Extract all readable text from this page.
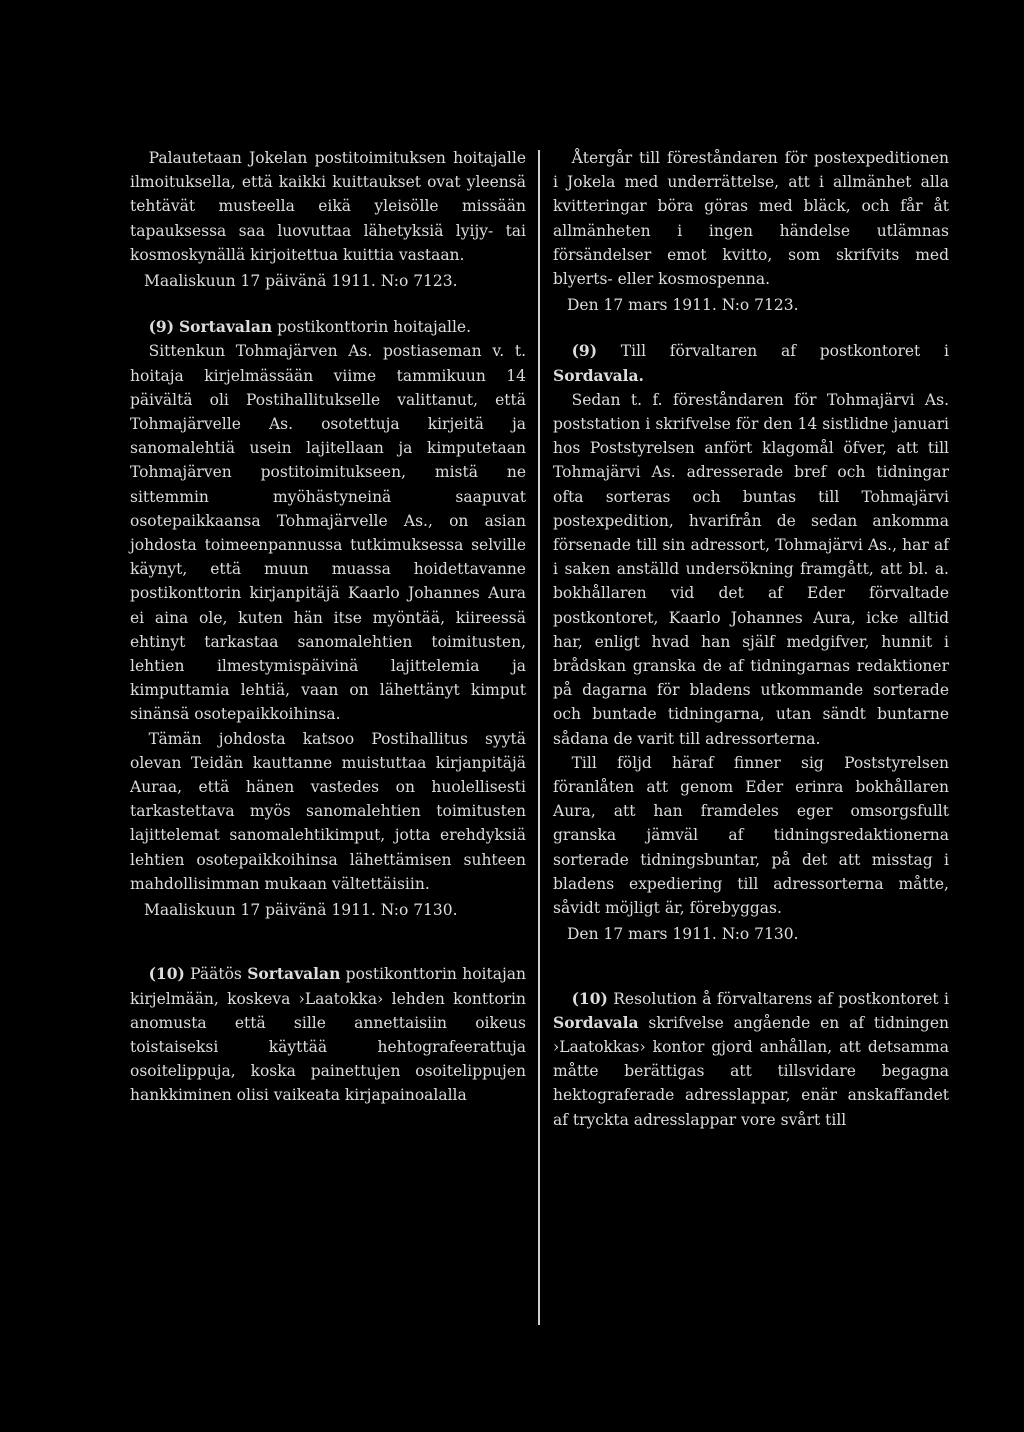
Palautetaan Jokelan postitoimituksen hoitajalle ilmoituksella, että kaikki kuittaukset ovat yleensä tehtävät musteella eikä yleisölle missään tapauksessa saa luovuttaa lähetyksiä lyijy- tai kosmoskynällä kirjoitettua kuittia vastaan.

Maaliskuun 17 päivänä 1911. N:o 7123.

(9) Sortavalan postikonttorin hoitajalle.

Sittenkun Tohmajärven As. postiaseman v. t. hoitaja kirjelmässään viime tammikuun 14 päivältä oli Postihallitukselle valittanut, että Tohmajärvelle As. osotettuja kirjeitä ja sanomalehtiä usein lajitellaan ja kimputetaan Tohmajärven postitoimitukseen, mistä ne sittemmin myöhästyneinä saapuvat osotepaikkaansa Tohmajärvelle As., on asian johdosta toimeenpannussa tutkimuksessa selville käynyt, että muun muassa hoidettavanne postikonttorin kirjanpitäjä Kaarlo Johannes Aura ei aina ole, kuten hän itse myöntää, kiireessä ehtinyt tarkastaa sanomalehtien toimitusten, lehtien ilmestymispäivinä lajittelemia ja kimputtamia lehtiä, vaan on lähettänyt kimput sinänsä osotepaikkoihinsa.

Tämän johdosta katsoo Postihallitus syytä olevan Teidän kauttanne muistuttaa kirjanpitäjä Auraa, että hänen vastedes on huolellisesti tarkastettava myös sanomalehtien toimitusten lajittelemat sanomalehtikimput, jotta erehdyksiä lehtien osotepaikkoihinsa lähettämisen suhteen mahdollisimman mukaan vältettäisiin.

Maaliskuun 17 päivänä 1911. N:o 7130.

(10) Päätös Sortavalan postikonttorin hoitajan kirjelmään, koskeva ›Laatokka› lehden konttorin anomusta että sille annettaisiin oikeus toistaiseksi käyttää hehtografeerattuja osoitelippuja, koska painettujen osoitelippujen hankkiminen olisi vaikeata kirjapainoalalla

Återgår till föreståndaren för postexpeditionen i Jokela med underrättelse, att i allmänhet alla kvitteringar böra göras med bläck, och får åt allmänheten i ingen händelse utlämnas försändelser emot kvitto, som skrifvits med blyerts- eller kosmospenna.

Den 17 mars 1911. N:o 7123.

(9) Till förvaltaren af postkontoret i Sordavala.

Sedan t. f. föreståndaren för Tohmajärvi As. poststation i skrifvelse för den 14 sistlidne januari hos Poststyrelsen anfört klagomål öfver, att till Tohmajärvi As. adresserade bref och tidningar ofta sorteras och buntas till Tohmajärvi postexpedition, hvarifrån de sedan ankomma försenade till sin adressort, Tohmajärvi As., har af i saken anställd undersökning framgått, att bl. a. bokhållaren vid det af Eder förvaltade postkontoret, Kaarlo Johannes Aura, icke alltid har, enligt hvad han själf medgifver, hunnit i brådskan granska de af tidningarnas redaktioner på dagarna för bladens utkommande sorterade och buntade tidningarna, utan sändt buntarne sådana de varit till adressorterna.

Till följd häraf finner sig Poststyrelsen föranlåten att genom Eder erinra bokhållaren Aura, att han framdeles eger omsorgsfullt granska jämväl af tidningsredaktionerna sorterade tidningsbuntar, på det att misstag i bladens expediering till adressorterna måtte, såvidt möjligt är, förebyggas.

Den 17 mars 1911. N:o 7130.

(10) Resolution å förvaltarens af postkontoret i Sordavala skrifvelse angående en af tidningen ›Laatokkas› kontor gjord anhållan, att detsamma måtte berättigas att tillsvidare begagna hektograferade adresslappar, enär anskaffandet af tryckta adresslappar vore svårt till
